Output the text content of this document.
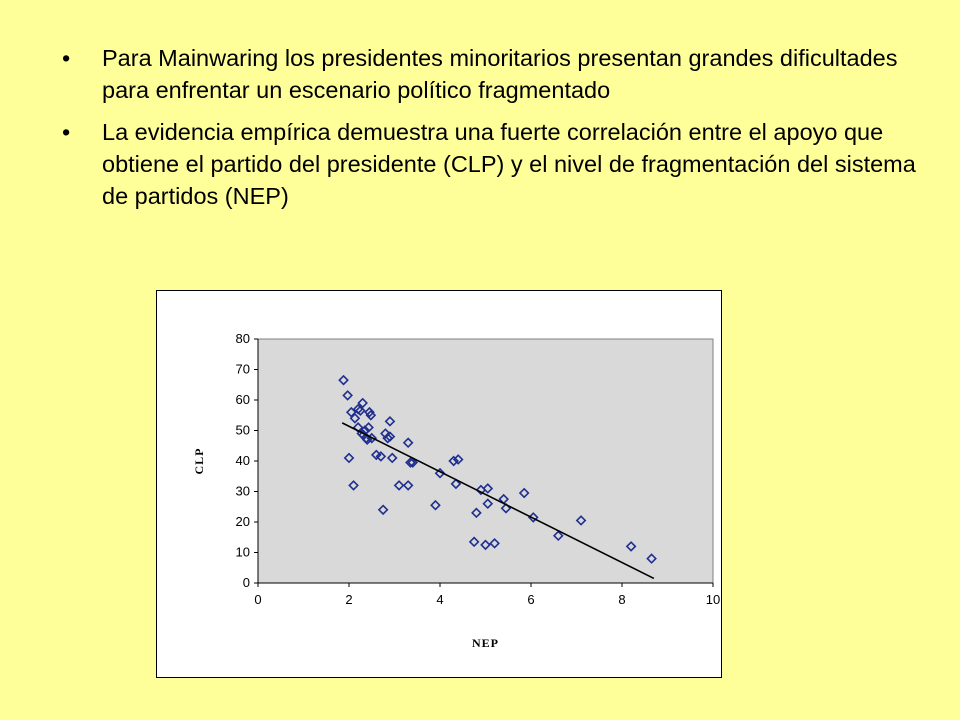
• Para Mainwaring los presidentes minoritarios presentan grandes dificultades para enfrentar un escenario político fragmentado
• La evidencia empírica demuestra una fuerte correlación entre el apoyo que obtiene el partido del presidente (CLP) y el nivel de fragmentación del sistema de partidos (NEP)
0
10
20
30
40
50
60
70
80
0	2	4	6	8	10
CLP
NEP
